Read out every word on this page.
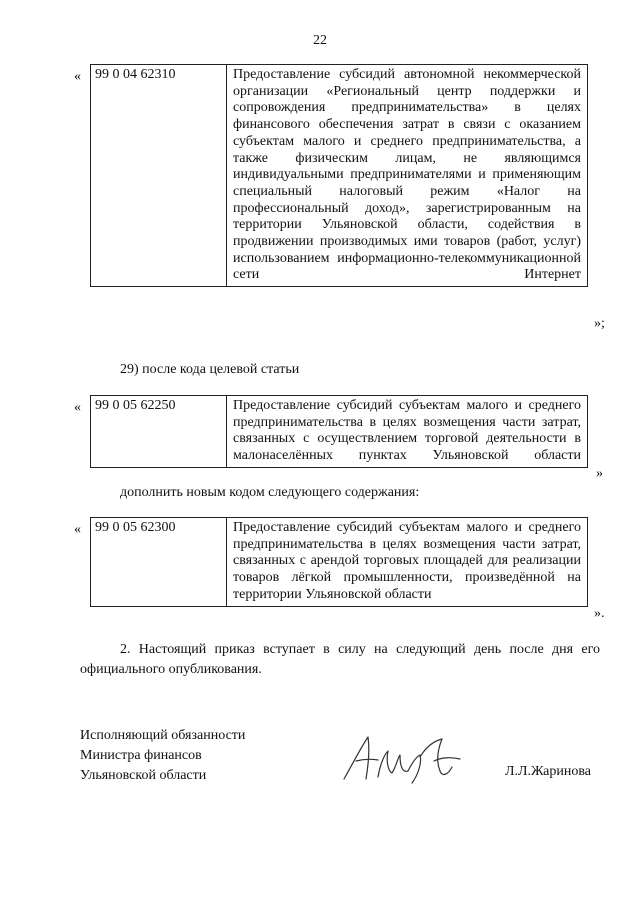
22
« 99 0 04 62310	Предоставление субсидий автономной некоммерческой организации «Региональный центр поддержки и сопровождения предпринимательства» в целях финансового обеспечения затрат в связи с оказанием субъектам малого и среднего предпринимательства, а также физическим лицам, не являющимся индивидуальными предпринимателями и применяющим специальный налоговый режим «Налог на профессиональный доход», зарегистрированным на территории Ульяновской области, содействия в продвижении производимых ими товаров (работ, услуг) использованием информационно-телекоммуникационной сети Интернет
»;
29) после кода целевой статьи
« 99 0 05 62250	Предоставление субсидий субъектам малого и среднего предпринимательства в целях возмещения части затрат, связанных с осуществлением торговой деятельности в малонаселённых пунктах Ульяновской области
»
дополнить новым кодом следующего содержания:
« 99 0 05 62300	Предоставление субсидий субъектам малого и среднего предпринимательства в целях возмещения части затрат, связанных с арендой торговых площадей для реализации товаров лёгкой промышленности, произведённой на территории Ульяновской области
».
2. Настоящий приказ вступает в силу на следующий день после дня его официального опубликования.
Исполняющий обязанности
Министра финансов
Ульяновской области	Л.Л.Жаринова
